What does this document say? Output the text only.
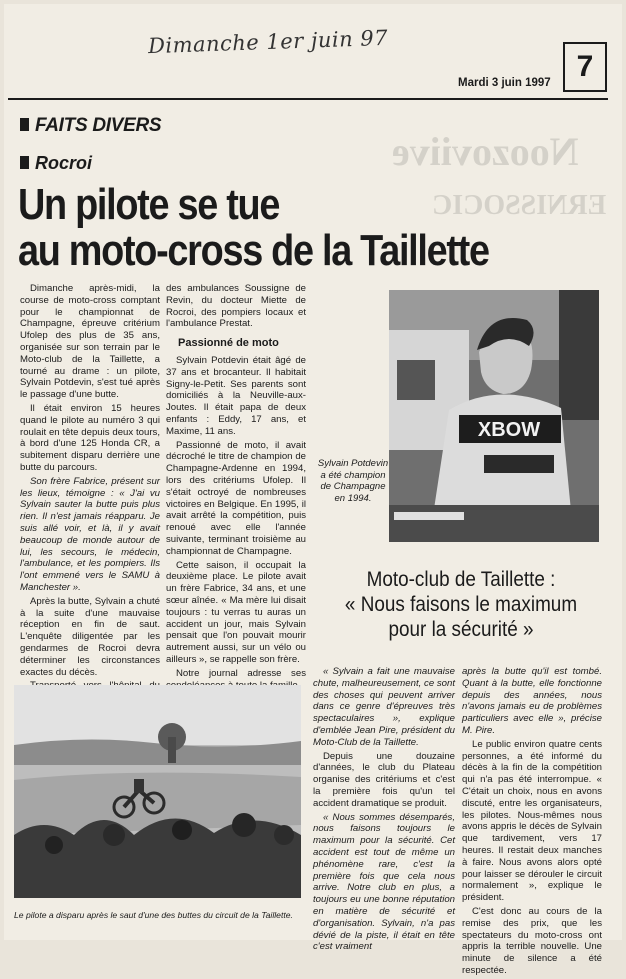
Noozoviive
ERNISSOCIC
Dimanche 1er juin 97
Mardi 3 juin 1997 7
FAITS DIVERS
Rocroi
Un pilote se tue
au moto-cross de la Taillette

Dimanche après-midi, la course de moto-cross comptant pour le championnat de Champagne, épreuve critérium Ufolep des plus de 35 ans, organisée sur son terrain par le Moto-club de la Taillette, a tourné au drame : un pilote, Sylvain Potdevin, s'est tué après le passage d'une butte.

Il était environ 15 heures quand le pilote au numéro 3 qui roulait en tête depuis deux tours, à bord d'une 125 Honda CR, a subitement disparu derrière une butte du parcours.

Son frère Fabrice, présent sur les lieux, témoigne : « J'ai vu Sylvain sauter la butte puis plus rien. Il n'est jamais réapparu. Je suis allé voir, et là, il y avait beaucoup de monde autour de lui, les secours, le médecin, l'ambulance, et les pompiers. Ils l'ont emmené vers le SAMU à Manchester ».

Après la butte, Sylvain a chuté à la suite d'une mauvaise réception en fin de saut. L'enquête diligentée par les gendarmes de Rocroi devra déterminer les circonstances exactes du décès.

des ambulances Soussigne de Revin, du docteur Miette de Rocroi, des pompiers locaux et l'ambulance Prestat.

Passionné de moto

Sylvain Potdevin était âgé de 37 ans et brocanteur. Il habitait Signy-le-Petit. Ses parents sont domiciliés à la Neuville-aux-Joutes. Il était papa de deux enfants : Eddy, 17 ans, et Maxime, 11 ans.

Passionné de moto, il avait décroché le titre de champion de Champagne-Ardenne en 1994, lors des critériums Ufolep. Il s'était octroyé de nombreuses victoires en Belgique. En 1995, il avait arrêté la compétition, puis renoué avec elle l'année suivante, terminant troisième au championnat de Champagne.

Cette saison, il occupait la deuxième place. Le pilote avait un frère Fabrice, 34 ans, et une sœur aînée. « Ma mère lui disait toujours : tu verras tu auras un accident un jour, mais Sylvain pensait que l'on pouvait mourir autrement aussi, sur un vélo ou ailleurs », se rappelle son frère.

Notre journal adresse ses

XBOW
Sylvain Potdevin a été champion de Champagne en 1994.
Moto-club de Taillette :
« Nous faisons le maximum
pour la sécurité »

« Sylvain a fait une mauvaise chute, malheureusement, ce sont des choses qui peuvent arriver dans ce genre d'épreuves très spectaculaires », explique d'emblée Jean Pire, président du Moto-Club de la Taillette.

Depuis une douzaine d'années, le club du Plateau organise des critériums et c'est la première fois qu'un tel accident dramatique se produit.

« Nous sommes désemparés, nous faisons toujours le maximum pour la sécurité. Cet accident est tout de même un phénomène rare, c'est la première fois que cela nous arrive. Notre club en plus, a toujours eu une bonne réputation en matière de sécurité et d'organisation. Sylvain, n'a pas dévié de la piste, il était en tête c'est vraiment

après la butte qu'il est tombé. Quant à la butte, elle fonctionne depuis des années, nous n'avons jamais eu de problèmes particuliers avec elle », précise M. Pire.

Le public environ quatre cents personnes, a été informé du décès à la fin de la compétition qui n'a pas été interrompue. « C'était un choix, nous en avons discuté, entre les organisateurs, les pilotes. Nous-mêmes nous avons appris le décès de Sylvain que tardivement, vers 17 heures. Il restait deux manches à faire. Nous avons alors opté pour laisser se dérouler le circuit normalement », explique le président.

C'est donc au cours de la remise des prix, que les spectateurs du moto-cross ont appris la terrible nouvelle. Une minute de silence a été respectée.

Le pilote a disparu après le saut d'une des buttes du circuit de la Taillette.
